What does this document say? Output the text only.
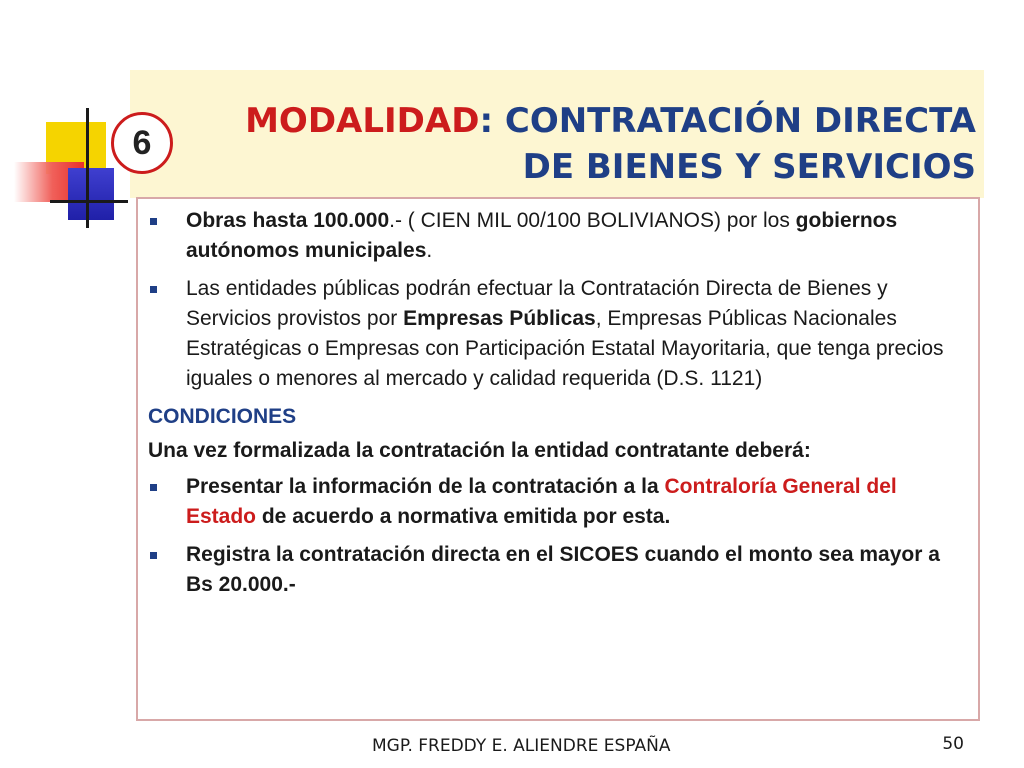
6
MODALIDAD: CONTRATACIÓN DIRECTA
DE BIENES Y SERVICIOS
Obras hasta 100.000.- ( CIEN MIL 00/100 BOLIVIANOS) por los gobiernos autónomos municipales.
Las entidades públicas podrán efectuar la Contratación Directa de Bienes y Servicios provistos por Empresas Públicas, Empresas Públicas Nacionales Estratégicas o Empresas con Participación Estatal Mayoritaria, que tenga precios iguales o menores al mercado y calidad requerida (D.S. 1121)
CONDICIONES
Una vez formalizada la contratación la entidad contratante deberá:
Presentar la información de la contratación a la Contraloría General del Estado de acuerdo a normativa emitida por esta.
Registra la contratación directa en el SICOES cuando el monto sea mayor a Bs 20.000.-
MGP. FREDDY E. ALIENDRE ESPAÑA	50
